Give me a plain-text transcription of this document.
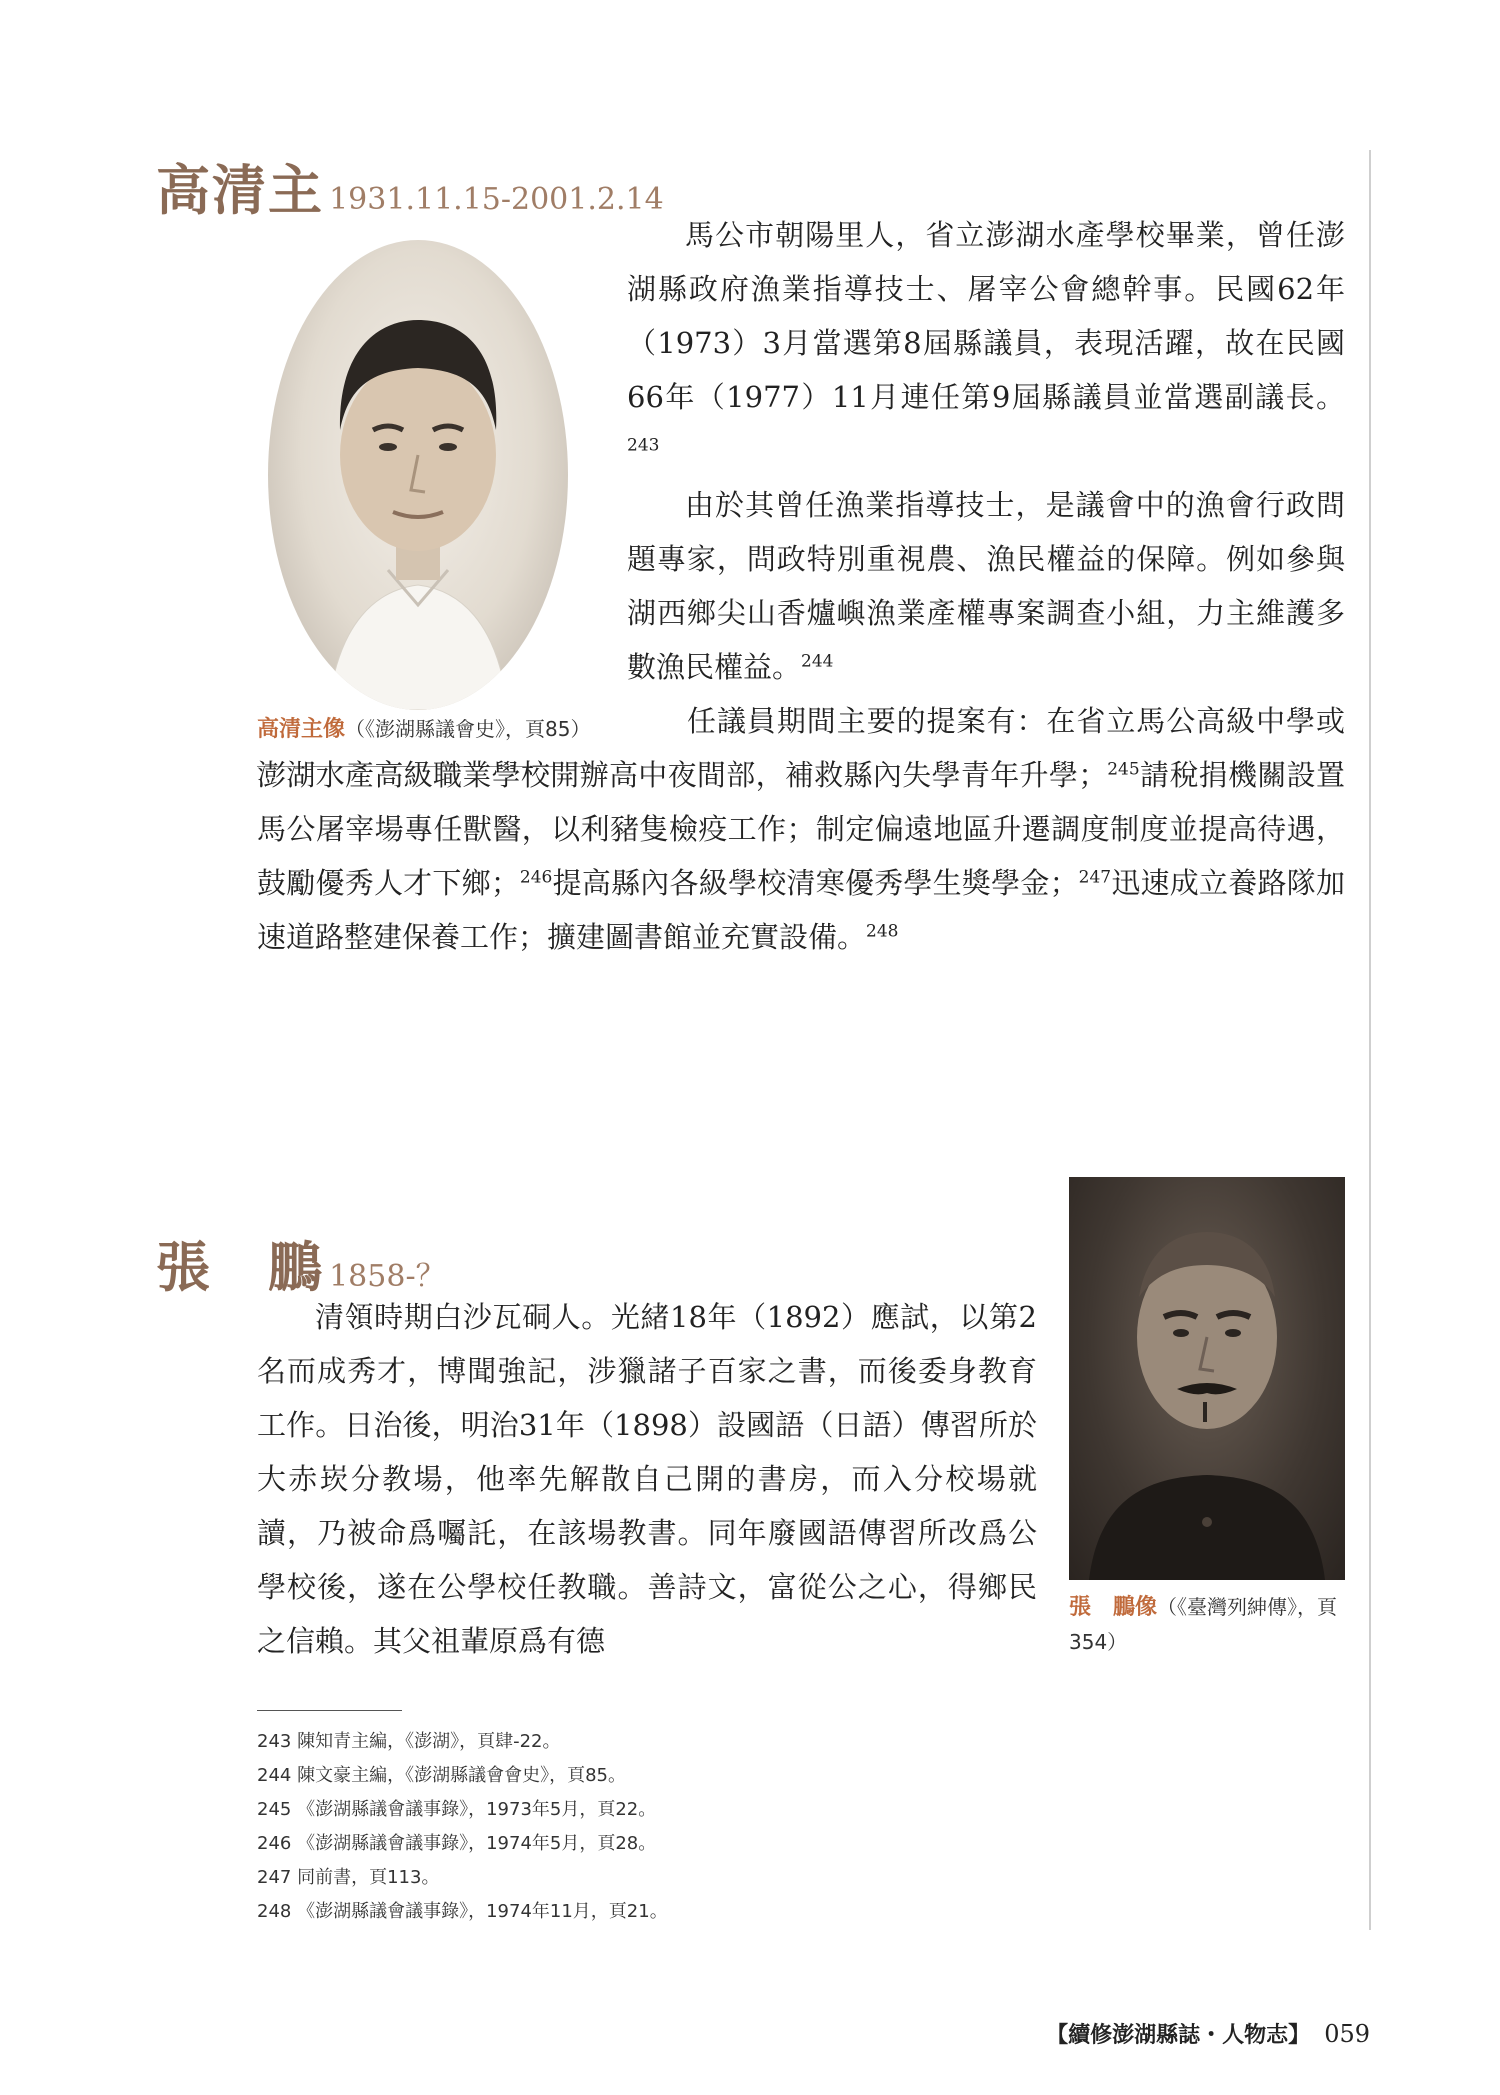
高清主 1931.11.15-2001.2.14
高清主像（《澎湖縣議會史》，頁85）

馬公市朝陽里人，省立澎湖水產學校畢業，曾任澎湖縣政府漁業指導技士、屠宰公會總幹事。民國62年（1973）3月當選第8屆縣議員，表現活躍，故在民國66年（1977）11月連任第9屆縣議員並當選副議長。$^{243}$

由於其曾任漁業指導技士，是議會中的漁會行政問題專家，問政特別重視農、漁民權益的保障。例如參與湖西鄉尖山香爐嶼漁業產權專案調查小組，力主維護多數漁民權益。$^{244}$

任議員期間主要的提案有：在省立馬公高級中學或澎湖水產高級職業學校開辦高中夜間部，補救縣內失學青年升學；$^{245}$請稅捐機關設置馬公屠宰場專任獸醫，以利豬隻檢疫工作；制定偏遠地區升遷調度制度並提高待遇，鼓勵優秀人才下鄉；$^{246}$提高縣內各級學校清寒優秀學生獎學金；$^{247}$迅速成立養路隊加速道路整建保養工作；擴建圖書館並充實設備。$^{248}$

張　鵬 1858-？
張　鵬像（《臺灣列紳傳》，頁354）

清領時期白沙瓦硐人。光緒18年（1892）應試，以第2名而成秀才，博聞強記，涉獵諸子百家之書，而後委身教育工作。日治後，明治31年（1898）設國語（日語）傳習所於大赤崁分教場，他率先解散自己開的書房，而入分校場就讀，乃被命爲囑託，在該場教書。同年廢國語傳習所改爲公學校後，遂在公學校任教職。善詩文，富從公之心，得鄉民之信賴。其父祖輩原爲有德

243 陳知青主編，《澎湖》，頁肆-22。
244 陳文豪主編，《澎湖縣議會會史》，頁85。
245 《澎湖縣議會議事錄》，1973年5月，頁22。
246 《澎湖縣議會議事錄》，1974年5月，頁28。
247 同前書，頁113。
248 《澎湖縣議會議事錄》，1974年11月，頁21。
【續修澎湖縣誌・人物志】 059
